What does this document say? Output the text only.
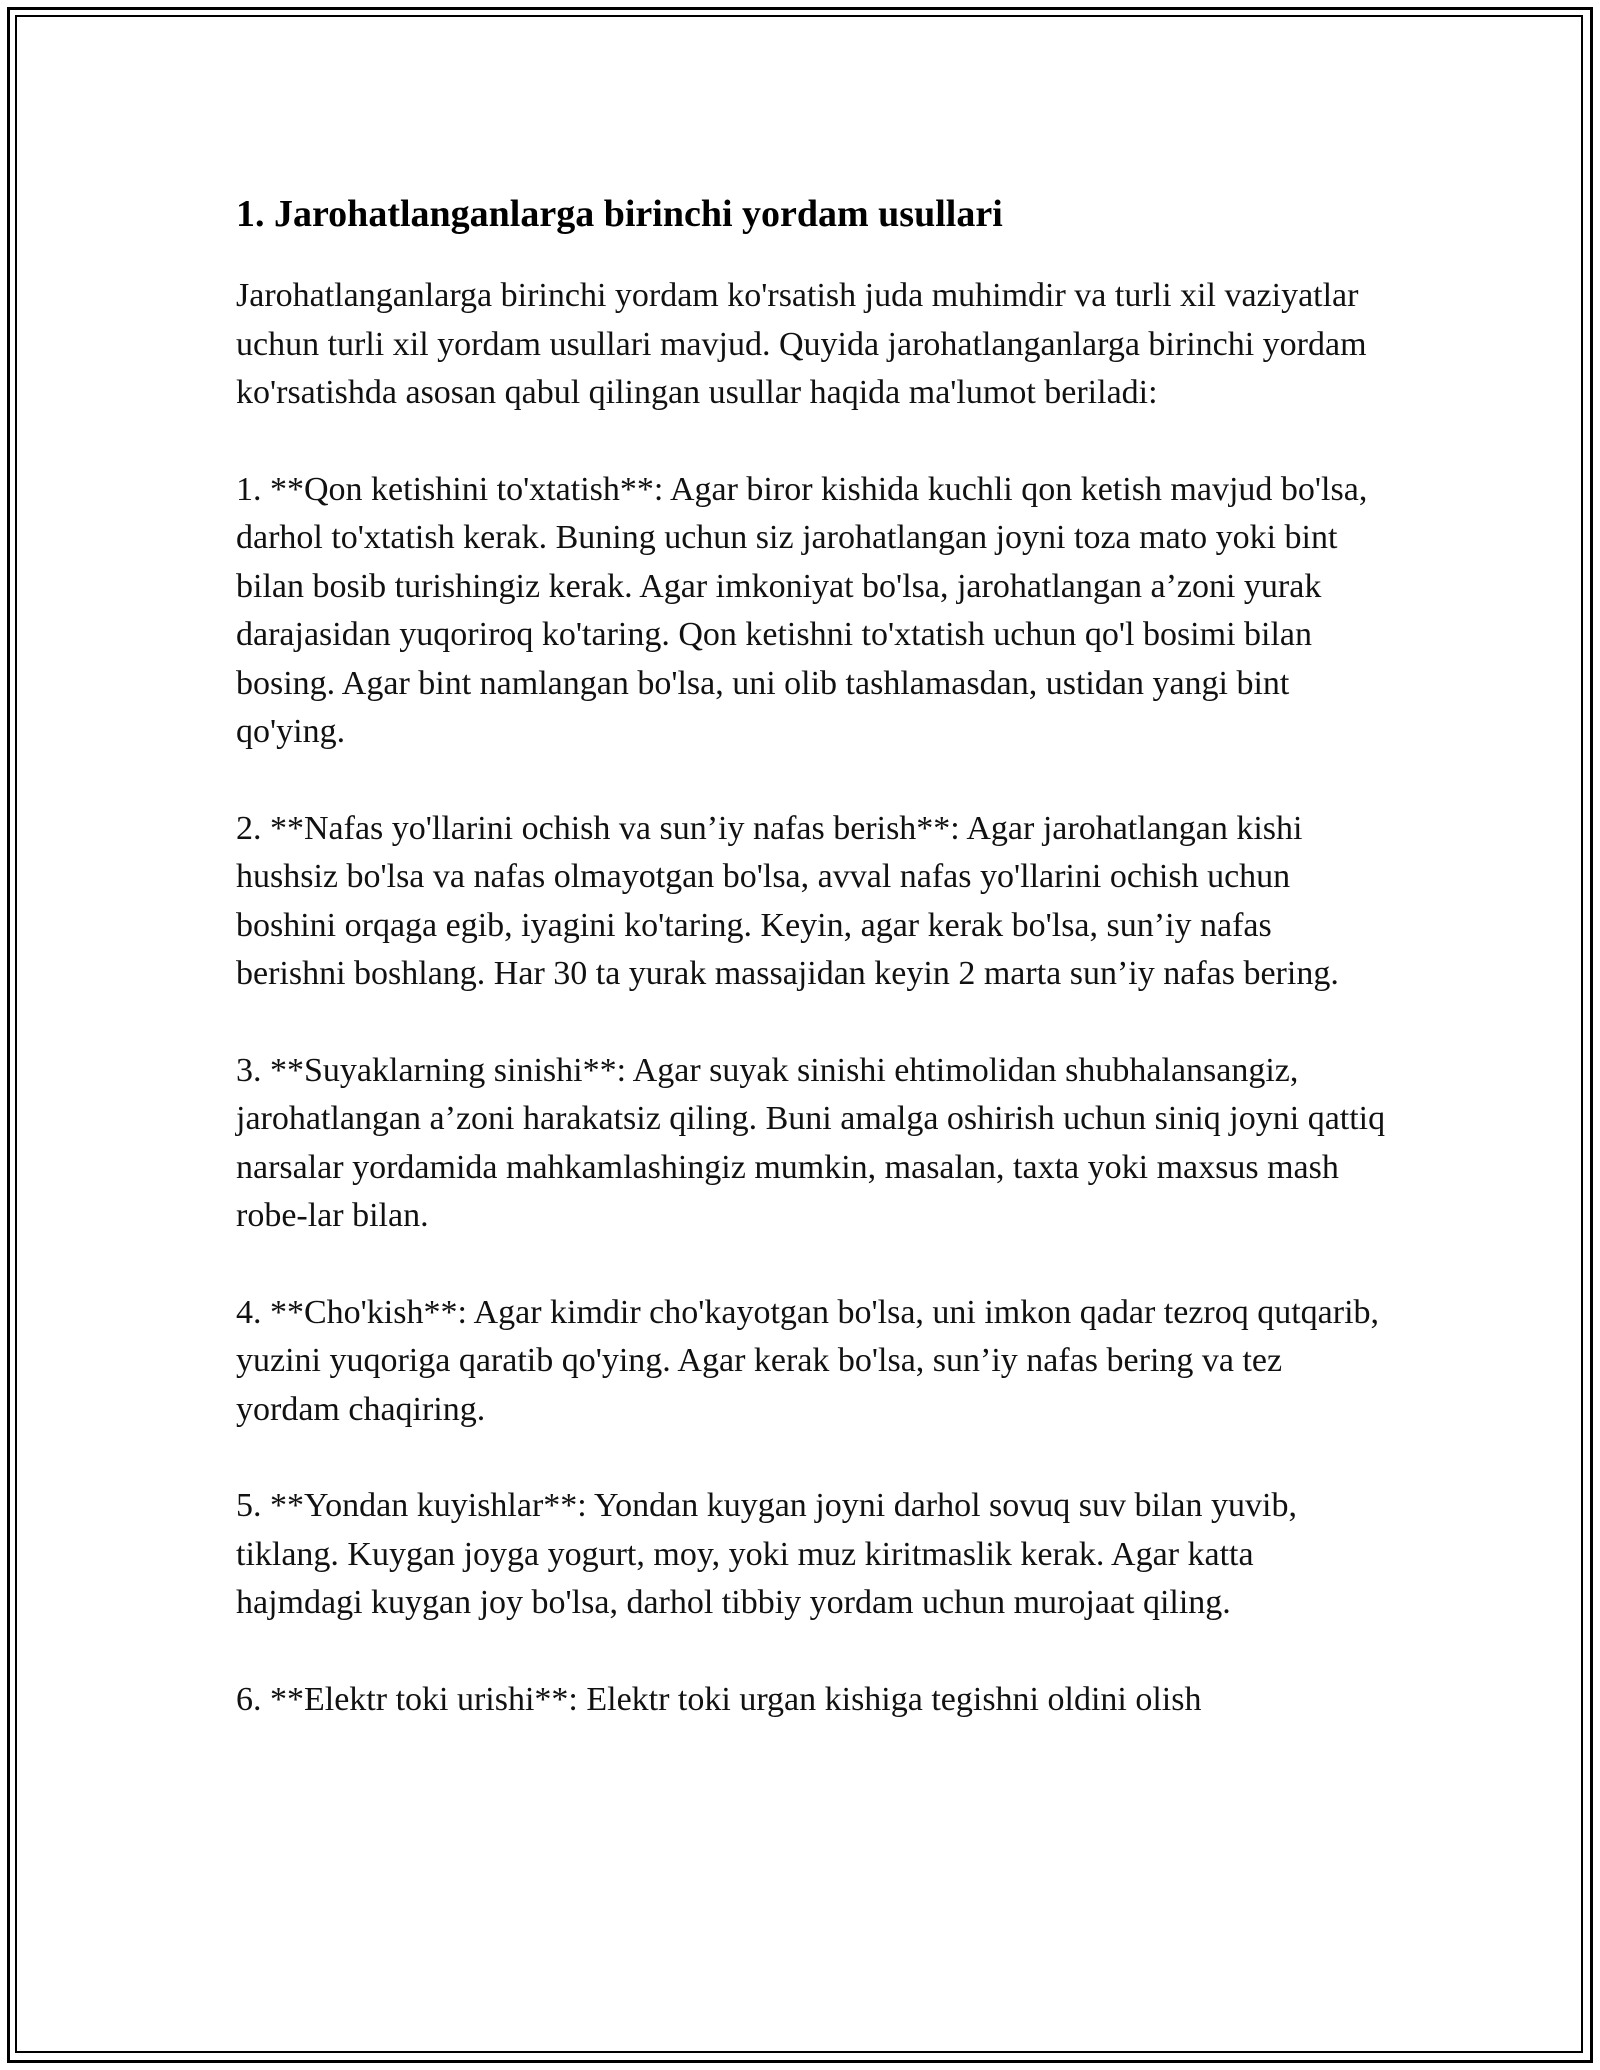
1. Jarohatlanganlarga birinchi yordam usullari

Jarohatlanganlarga birinchi yordam ko'rsatish juda muhimdir va turli xil vaziyatlar uchun turli xil yordam usullari mavjud. Quyida jarohatlanganlarga birinchi yordam ko'rsatishda asosan qabul qilingan usullar haqida ma'lumot beriladi:

1. **Qon ketishini to'xtatish**: Agar biror kishida kuchli qon ketish mavjud bo'lsa, darhol to'xtatish kerak. Buning uchun siz jarohatlangan joyni toza mato yoki bint bilan bosib turishingiz kerak. Agar imkoniyat bo'lsa, jarohatlangan a’zoni yurak darajasidan yuqoriroq ko'taring. Qon ketishni to'xtatish uchun qo'l bosimi bilan bosing. Agar bint namlangan bo'lsa, uni olib tashlamasdan, ustidan yangi bint qo'ying.

2. **Nafas yo'llarini ochish va sun’iy nafas berish**: Agar jarohatlangan kishi hushsiz bo'lsa va nafas olmayotgan bo'lsa, avval nafas yo'llarini ochish uchun boshini orqaga egib, iyagini ko'taring. Keyin, agar kerak bo'lsa, sun’iy nafas berishni boshlang. Har 30 ta yurak massajidan keyin 2 marta sun’iy nafas bering.

3. **Suyaklarning sinishi**: Agar suyak sinishi ehtimolidan shubhalansangiz, jarohatlangan a’zoni harakatsiz qiling. Buni amalga oshirish uchun siniq joyni qattiq narsalar yordamida mahkamlashingiz mumkin, masalan, taxta yoki maxsus mash robe-lar bilan.

4. **Cho'kish**: Agar kimdir cho'kayotgan bo'lsa, uni imkon qadar tezroq qutqarib, yuzini yuqoriga qaratib qo'ying. Agar kerak bo'lsa, sun’iy nafas bering va tez yordam chaqiring.

5. **Yondan kuyishlar**: Yondan kuygan joyni darhol sovuq suv bilan yuvib, tiklang. Kuygan joyga yogurt, moy, yoki muz kiritmaslik kerak. Agar katta hajmdagi kuygan joy bo'lsa, darhol tibbiy yordam uchun murojaat qiling.

6. **Elektr toki urishi**: Elektr toki urgan kishiga tegishni oldini olish
